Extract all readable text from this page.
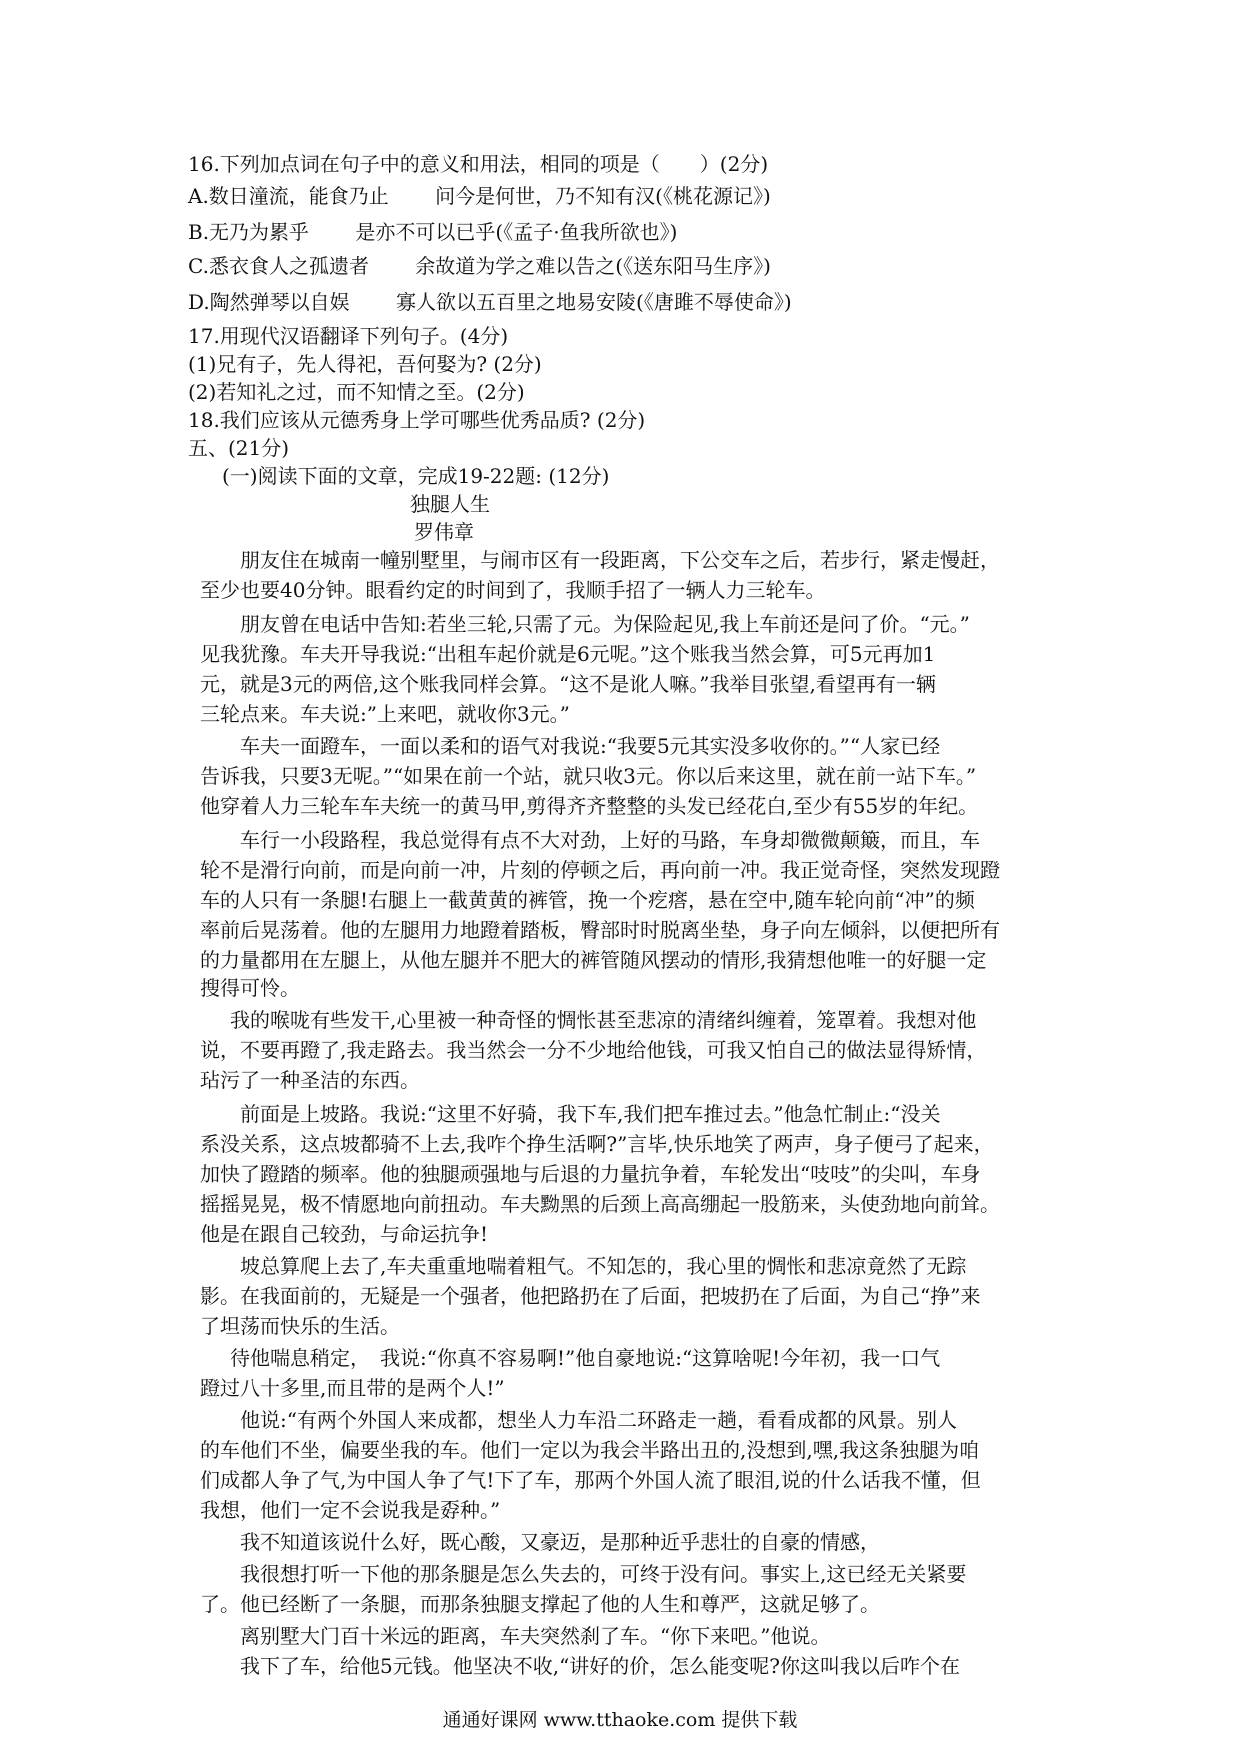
16.下列加点词在句子中的意义和用法，相同的项是（　　）(2分)
A.数日潼流，能食乃止　　 问今是何世，乃不知有汉(《桃花源记》)
B.无乃为累乎　　 是亦不可以已乎(《孟子·鱼我所欲也》)
C.悉衣食人之孤遗者　　 余故道为学之难以告之(《送东阳马生序》)
D.陶然弹琴以自娱　　 寡人欲以五百里之地易安陵(《唐雎不辱使命》)
17.用现代汉语翻译下列句子。(4分)
(1)兄有子，先人得祀，吾何娶为? (2分)
(2)若知礼之过，而不知情之至。(2分)
18.我们应该从元德秀身上学可哪些优秀品质? (2分)
五、(21分)
(一)阅读下面的文章，完成19-22题: (12分)
独腿人生
罗伟章
朋友住在城南一幢别墅里，与闹市区有一段距离，下公交车之后，若步行，紧走慢赶，
至少也要40分钟。眼看约定的时间到了，我顺手招了一辆人力三轮车。
朋友曾在电话中告知:若坐三轮,只需了元。为保险起见,我上车前还是问了价。“元。”
见我犹豫。车夫开导我说:“出租车起价就是6元呢。”这个账我当然会算，可5元再加1
元，就是3元的两倍,这个账我同样会算。“这不是讹人嘛。”我举目张望,看望再有一辆
三轮点来。车夫说:”上来吧，就收你3元。”
车夫一面蹬车，一面以柔和的语气对我说:“我要5元其实没多收你的。”“人家已经
告诉我，只要3无呢。”“如果在前一个站，就只收3元。你以后来这里，就在前一站下车。”
他穿着人力三轮车车夫统一的黄马甲,剪得齐齐整整的头发已经花白,至少有55岁的年纪。
车行一小段路程，我总觉得有点不大对劲，上好的马路，车身却微微颠簸，而且，车
轮不是滑行向前，而是向前一冲，片刻的停顿之后，再向前一冲。我正觉奇怪，突然发现蹬
车的人只有一条腿!右腿上一截黄黄的裤管，挽一个疙瘩，悬在空中,随车轮向前“冲”的频
率前后晃荡着。他的左腿用力地蹬着踏板，臀部时时脱离坐垫，身子向左倾斜，以便把所有
的力量都用在左腿上，从他左腿并不肥大的裤管随风摆动的情形,我猜想他唯一的好腿一定
搜得可怜。
我的喉咙有些发干,心里被一种奇怪的惆怅甚至悲凉的清绪纠缠着，笼罩着。我想对他
说，不要再蹬了,我走路去。我当然会一分不少地给他钱，可我又怕自己的做法显得矫情，
玷污了一种圣洁的东西。
前面是上坡路。我说:“这里不好骑，我下车,我们把车推过去。”他急忙制止:“没关
系没关系，这点坡都骑不上去,我咋个挣生活啊?”言毕,快乐地笑了两声，身子便弓了起来，
加快了蹬踏的频率。他的独腿顽强地与后退的力量抗争着，车轮发出“吱吱”的尖叫，车身
摇摇晃晃，极不情愿地向前扭动。车夫黝黑的后颈上高高绷起一股筋来，头使劲地向前耸。
他是在跟自己较劲，与命运抗争!
坡总算爬上去了,车夫重重地喘着粗气。不知怎的，我心里的惆怅和悲凉竟然了无踪
影。在我面前的，无疑是一个强者，他把路扔在了后面，把坡扔在了后面，为自己“挣”来
了坦荡而快乐的生活。
待他喘息稍定，　我说:“你真不容易啊!”他自豪地说:“这算啥呢!今年初，我一口气
蹬过八十多里,而且带的是两个人!”
他说:“有两个外国人来成都，想坐人力车沿二环路走一趟，看看成都的风景。别人
的车他们不坐，偏要坐我的车。他们一定以为我会半路出丑的,没想到,嘿,我这条独腿为咱
们成都人争了气,为中国人争了气!下了车，那两个外国人流了眼泪,说的什么话我不懂，但
我想，他们一定不会说我是孬种。”
我不知道该说什么好，既心酸，又豪迈，是那种近乎悲壮的自豪的情感，
我很想打听一下他的那条腿是怎么失去的，可终于没有问。事实上,这已经无关紧要
了。他已经断了一条腿，而那条独腿支撑起了他的人生和尊严，这就足够了。
离别墅大门百十米远的距离，车夫突然刹了车。“你下来吧。”他说。
我下了车，给他5元钱。他坚决不收,“讲好的价，怎么能变呢?你这叫我以后咋个在
通通好课网 www.tthaoke.com 提供下载
